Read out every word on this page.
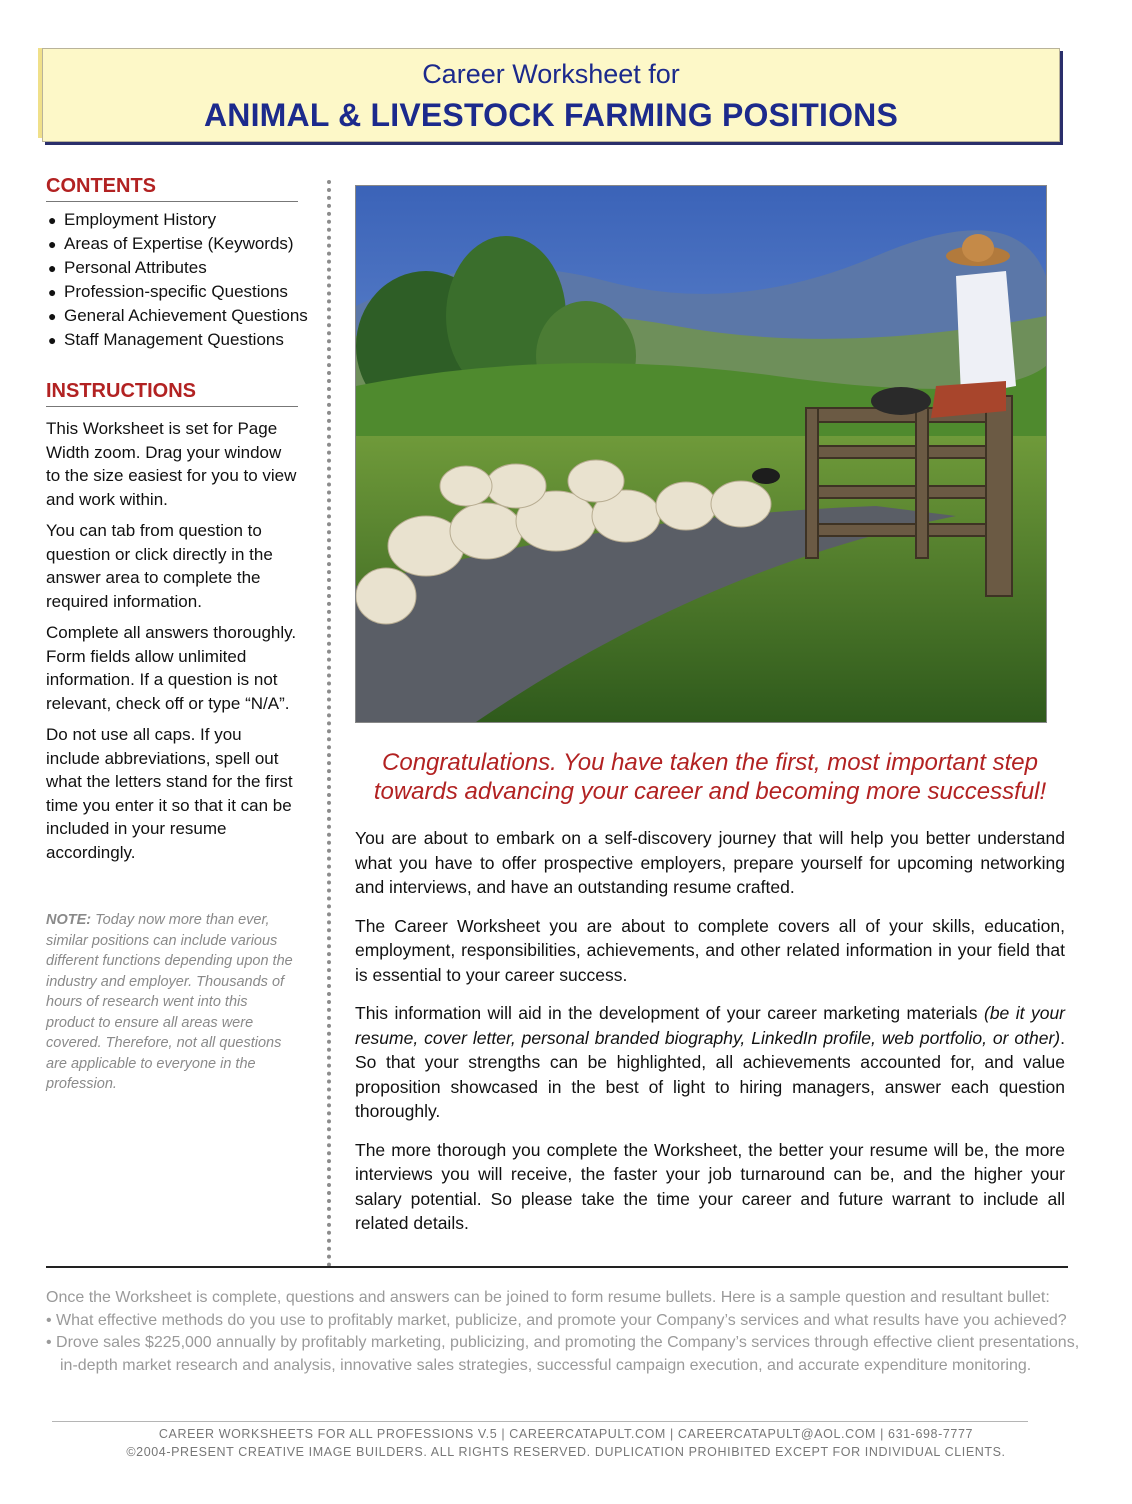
Career Worksheet for
ANIMAL & LIVESTOCK FARMING POSITIONS
CONTENTS
● Employment History
● Areas of Expertise (Keywords)
● Personal Attributes
● Profession-specific Questions
● General Achievement Questions
● Staff Management Questions
INSTRUCTIONS

This Worksheet is set for Page Width zoom. Drag your window to the size easiest for you to view and work within.

You can tab from question to question or click directly in the answer area to complete the required information.

Complete all answers thoroughly. Form fields allow unlimited information. If a question is not relevant, check off or type “N/A”.

Do not use all caps. If you include abbreviations, spell out what the letters stand for the first time you enter it so that it can be included in your resume accordingly.

NOTE: Today now more than ever, similar positions can include various different functions depending upon the industry and employer. Thousands of hours of research went into this product to ensure all areas were covered. Therefore, not all questions are applicable to everyone in the profession.
Congratulations. You have taken the first, most important step
towards advancing your career and becoming more successful!

You are about to embark on a self-discovery journey that will help you better understand what you have to offer prospective employers, prepare yourself for upcoming networking and interviews, and have an outstanding resume crafted.

The Career Worksheet you are about to complete covers all of your skills, education, employment, responsibilities, achievements, and other related information in your field that is essential to your career success.

This information will aid in the development of your career marketing materials (be it your resume, cover letter, personal branded biography, LinkedIn profile, web portfolio, or other). So that your strengths can be highlighted, all achievements accounted for, and value proposition showcased in the best of light to hiring managers, answer each question thoroughly.

The more thorough you complete the Worksheet, the better your resume will be, the more interviews you will receive, the faster your job turnaround can be, and the higher your salary potential. So please take the time your career and future warrant to include all related details.

Once the Worksheet is complete, questions and answers can be joined to form resume bullets. Here is a sample question and resultant bullet:
• What effective methods do you use to profitably market, publicize, and promote your Company’s services and what results have you achieved?
• Drove sales $225,000 annually by profitably marketing, publicizing, and promoting the Company’s services through effective client presentations,
in-depth market research and analysis, innovative sales strategies, successful campaign execution, and accurate expenditure monitoring.
CAREER WORKSHEETS FOR ALL PROFESSIONS V.5 | CAREERCATAPULT.COM | CAREERCATAPULT@AOL.COM | 631-698-7777
©2004-PRESENT CREATIVE IMAGE BUILDERS. ALL RIGHTS RESERVED. DUPLICATION PROHIBITED EXCEPT FOR INDIVIDUAL CLIENTS.
